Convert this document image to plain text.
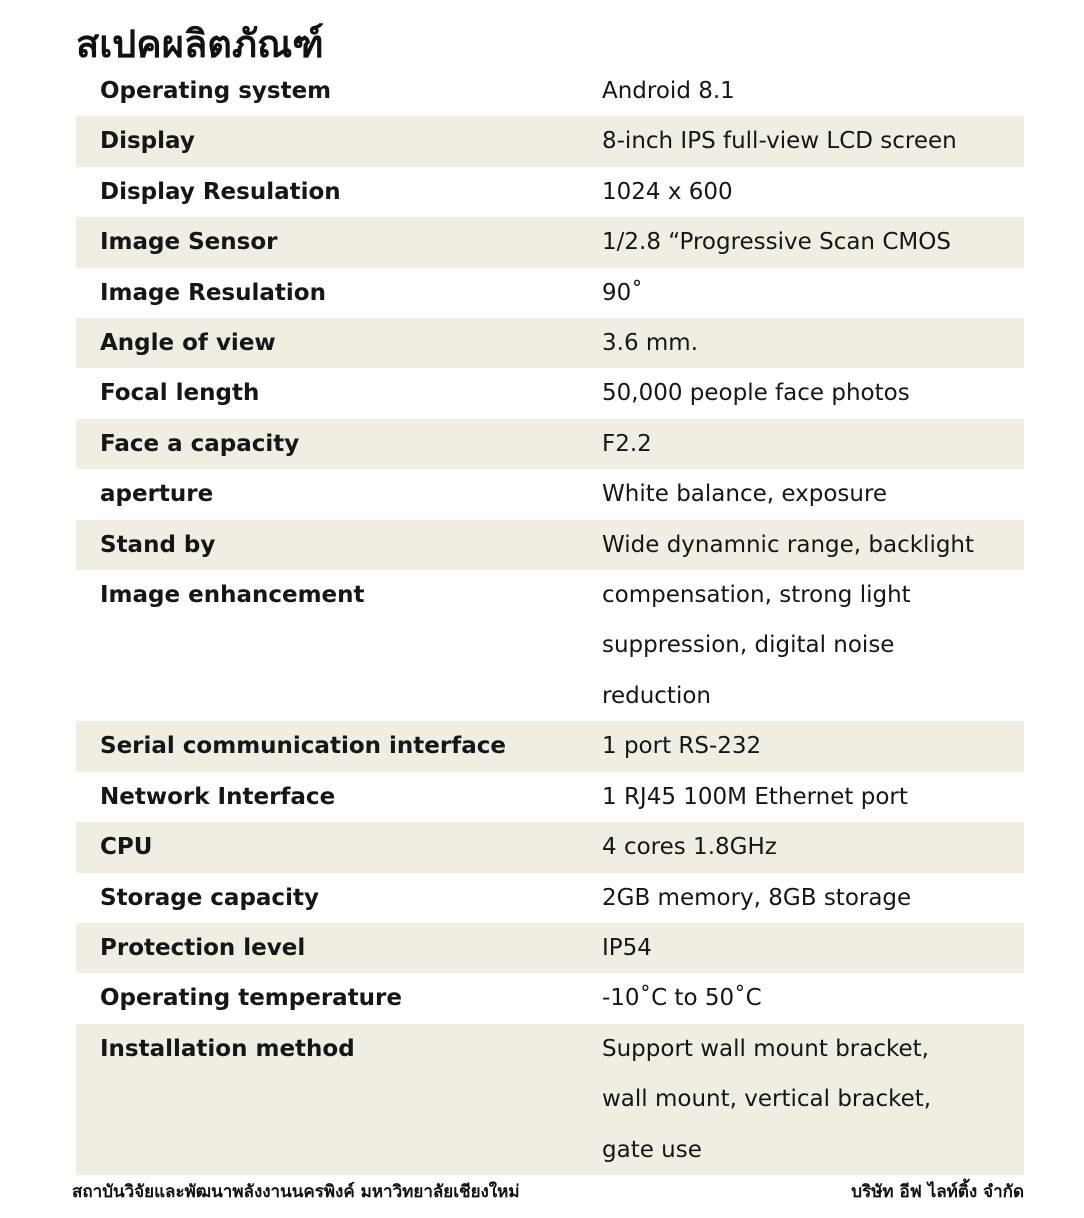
สเปคผลิตภัณฑ์
Operating system	Android 8.1
Display	8-inch IPS full-view LCD screen
Display Resulation	1024 x 600
Image Sensor	1/2.8 “Progressive Scan CMOS
Image Resulation	90˚
Angle of view	3.6 mm.
Focal length	50,000 people face photos
Face a capacity	F2.2
aperture	White balance, exposure
Stand by	Wide dynamnic range, backlight
Image enhancement	compensation, strong light
suppression, digital noise
reduction
Serial communication interface	1 port RS-232
Network Interface	1 RJ45 100M Ethernet port
CPU	4 cores 1.8GHz
Storage capacity	2GB memory, 8GB storage
Protection level	IP54
Operating temperature	-10˚C to 50˚C
Installation method	Support wall mount bracket,
wall mount, vertical bracket,
gate use
สถาบันวิจัยและพัฒนาพลังงานนครพิงค์ มหาวิทยาลัยเชียงใหม่	บริษัท อีฟ ไลท์ติ้ง จำกัด
